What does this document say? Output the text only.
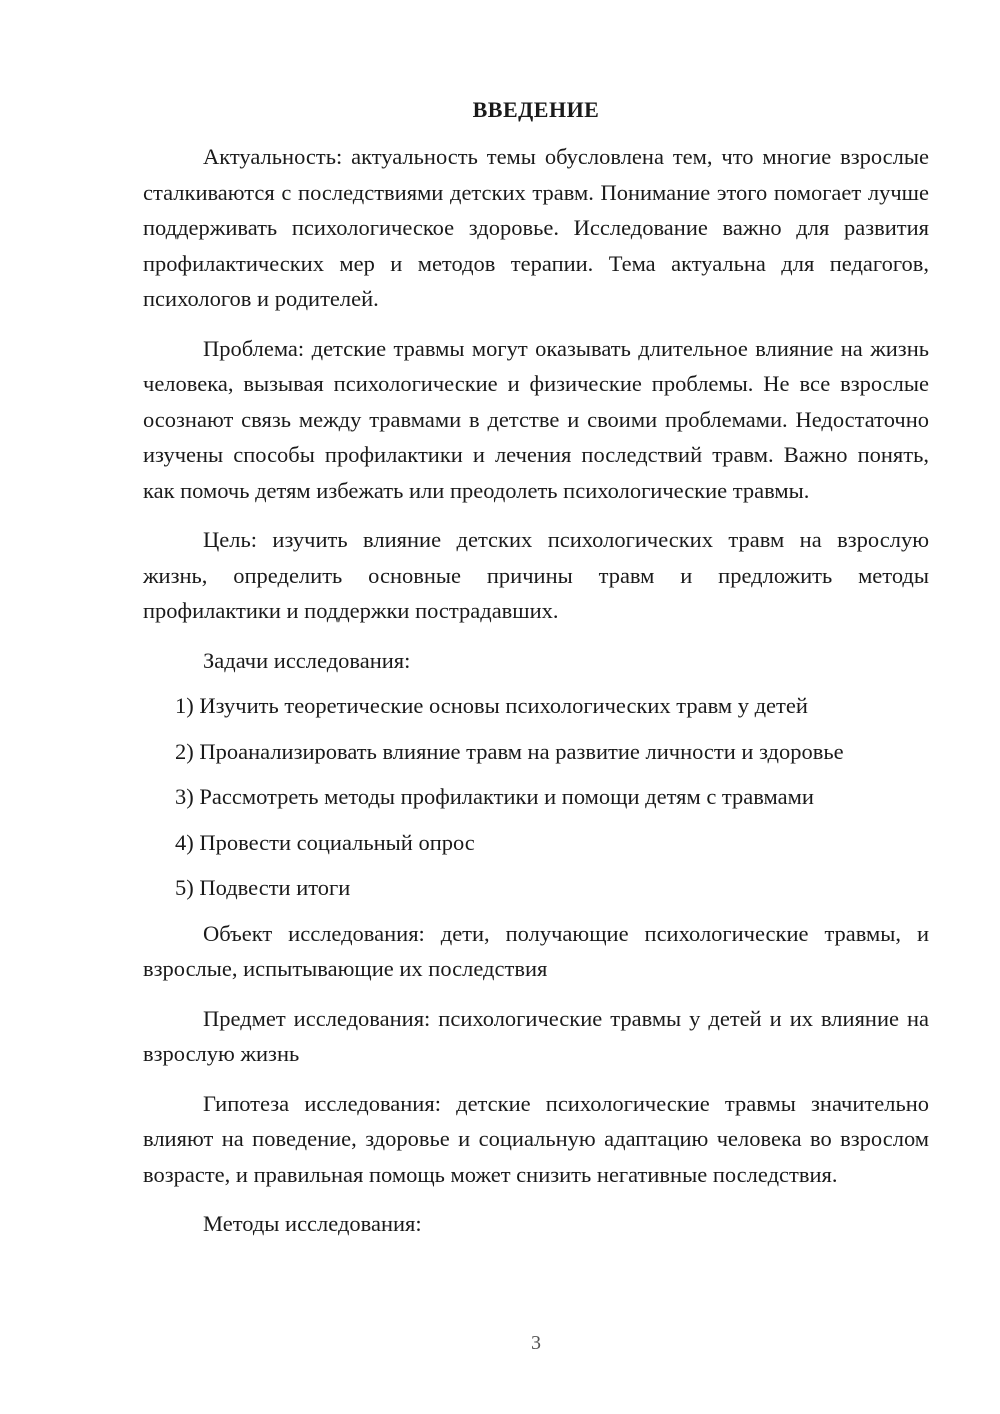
ВВЕДЕНИЕ

Актуальность: актуальность темы обусловлена тем, что многие взрослые сталкиваются с последствиями детских травм. Понимание этого помогает лучше поддерживать психологическое здоровье. Исследование важно для развития профилактических мер и методов терапии. Тема актуальна для педагогов, психологов и родителей.

Проблема: детские травмы могут оказывать длительное влияние на жизнь человека, вызывая психологические и физические проблемы. Не все взрослые осознают связь между травмами в детстве и своими проблемами. Недостаточно изучены способы профилактики и лечения последствий травм. Важно понять, как помочь детям избежать или преодолеть психологические травмы.

Цель: изучить влияние детских психологических травм на взрослую жизнь, определить основные причины травм и предложить методы профилактики и поддержки пострадавших.

Задачи исследования:

1) Изучить теоретические основы психологических травм у детей
2) Проанализировать влияние травм на развитие личности и здоровье
3) Рассмотреть методы профилактики и помощи детям с травмами
4) Провести социальный опрос
5) Подвести итоги

Объект исследования: дети, получающие психологические травмы, и взрослые, испытывающие их последствия

Предмет исследования: психологические травмы у детей и их влияние на взрослую жизнь

Гипотеза исследования: детские психологические травмы значительно влияют на поведение, здоровье и социальную адаптацию человека во взрослом возрасте, и правильная помощь может снизить негативные последствия.

Методы исследования:

3
